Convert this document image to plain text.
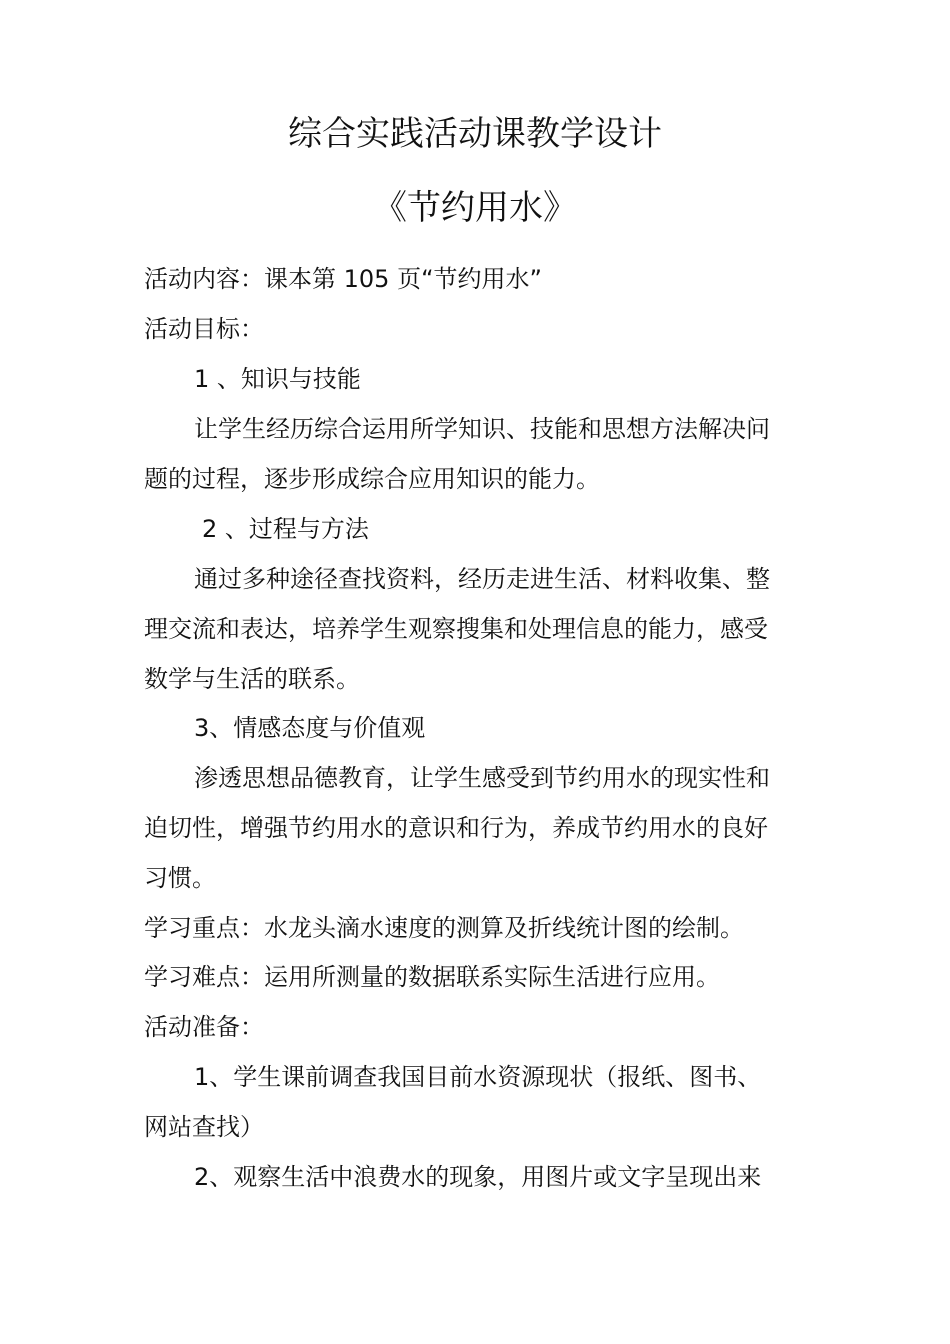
综合实践活动课教学设计
《节约用水》

活动内容：课本第 105 页“节约用水”

活动目标：

1 、知识与技能

让学生经历综合运用所学知识、技能和思想方法解决问

题的过程，逐步形成综合应用知识的能力。

2 、过程与方法

通过多种途径查找资料，经历走进生活、材料收集、整

理交流和表达，培养学生观察搜集和处理信息的能力，感受

数学与生活的联系。

3、情感态度与价值观

渗透思想品德教育，让学生感受到节约用水的现实性和

迫切性，增强节约用水的意识和行为，养成节约用水的良好

习惯。

学习重点：水龙头滴水速度的测算及折线统计图的绘制。

学习难点：运用所测量的数据联系实际生活进行应用。

活动准备：

1、学生课前调查我国目前水资源现状（报纸、图书、

网站查找）

2、观察生活中浪费水的现象，用图片或文字呈现出来
